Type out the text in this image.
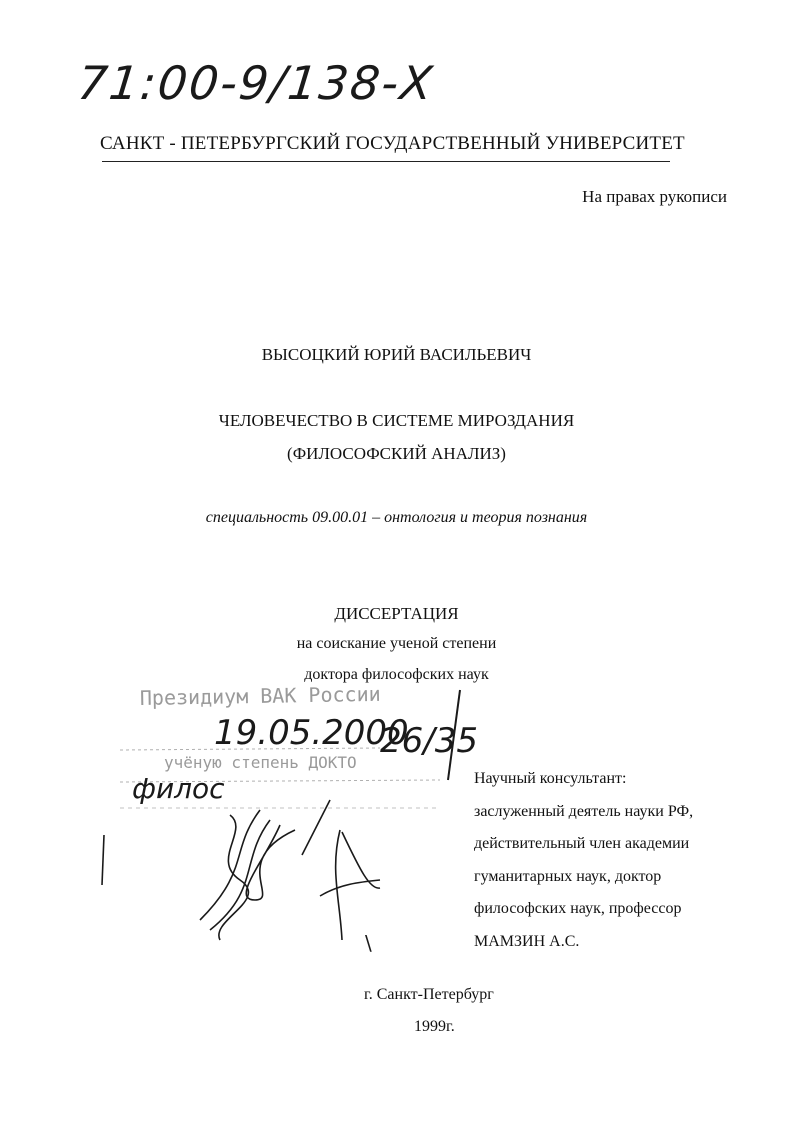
71:00-9/138-Х
САНКТ - ПЕТЕРБУРГСКИЙ ГОСУДАРСТВЕННЫЙ УНИВЕРСИТЕТ
На правах рукописи
ВЫСОЦКИЙ ЮРИЙ ВАСИЛЬЕВИЧ
ЧЕЛОВЕЧЕСТВО В СИСТЕМЕ МИРОЗДАНИЯ
(ФИЛОСОФСКИЙ АНАЛИЗ)
специальность 09.00.01 – онтология и теория познания
ДИССЕРТАЦИЯ
на соискание ученой степени
доктора философских наук
Президиум ВАК России
учёную степень ДОКТО
19.05.2000
26/35
филос
\
Научный консультант:
заслуженный деятель науки РФ,
действительный член академии
гуманитарных наук, доктор
философских наук, профессор
МАМЗИН А.С.
г. Санкт-Петербург
1999г.
